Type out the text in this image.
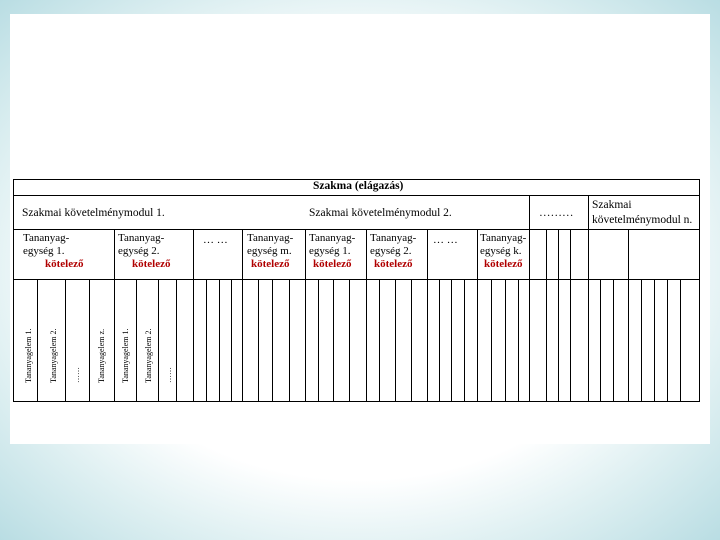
Szakma (elágazás)
Szakmai követelménymodul 1.	Szakmai követelménymodul 2.	………
Szakmai követelménymodul n.
Tananyag-
egység 1.
kötelező
Tananyag-
egység 2.
kötelező
… … Tananyag-
egység m.
kötelező
Tananyag-
egység 1.
kötelező
Tananyag-
egység 2.
kötelező
… … Tananyag-
egység k.
kötelező
Tananyagelem 1. Tananyagelem 2. …… Tananyagelem z. Tananyagelem 1. Tananyagelem 2. ……
